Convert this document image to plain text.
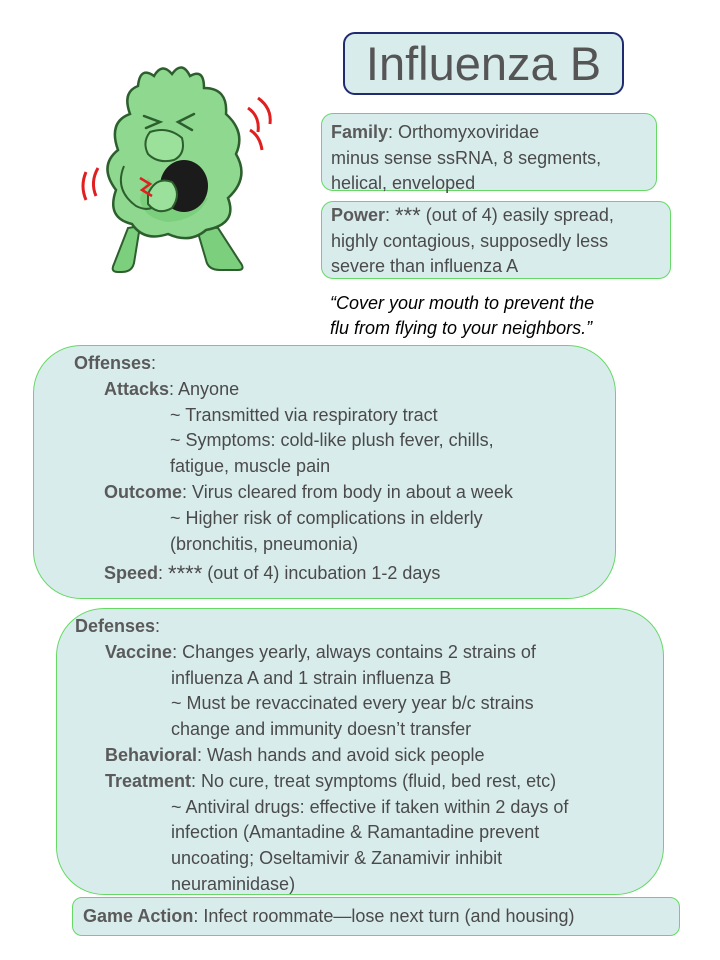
Influenza B
Family: Orthomyxoviridae
minus sense ssRNA, 8 segments,
helical, enveloped
Power: *** (out of 4) easily spread,
highly contagious, supposedly less
severe than influenza A
“Cover your mouth to prevent the
flu from flying to your neighbors.”
Offenses:
Attacks: Anyone
~ Transmitted via respiratory tract
~ Symptoms: cold-like plush fever, chills,
fatigue, muscle pain
Outcome: Virus cleared from body in about a week
~ Higher risk of complications in elderly
(bronchitis, pneumonia)
Speed: **** (out of 4) incubation 1-2 days
Defenses:
Vaccine: Changes yearly, always contains 2 strains of
influenza A and 1 strain influenza B
~ Must be revaccinated every year b/c strains
change and immunity doesn’t transfer
Behavioral: Wash hands and avoid sick people
Treatment: No cure, treat symptoms (fluid, bed rest, etc)
~ Antiviral drugs: effective if taken within 2 days of
infection (Amantadine & Ramantadine prevent
uncoating; Oseltamivir & Zanamivir inhibit
neuraminidase)
Game Action: Infect roommate—lose next turn (and housing)
